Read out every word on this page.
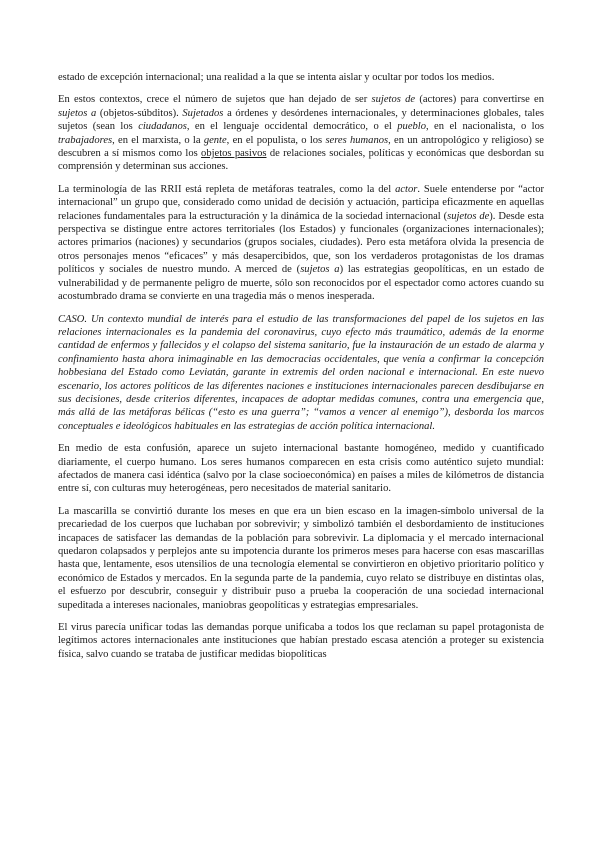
estado de excepción internacional; una realidad a la que se intenta aislar y ocultar por todos los medios.

En estos contextos, crece el número de sujetos que han dejado de ser sujetos de (actores) para convertirse en sujetos a (objetos-súbditos). Sujetados a órdenes y desórdenes internacionales, y determinaciones globales, tales sujetos (sean los ciudadanos, en el lenguaje occidental democrático, o el pueblo, en el nacionalista, o los trabajadores, en el marxista, o la gente, en el populista, o los seres humanos, en un antropológico y religioso) se descubren a sí mismos como los objetos pasivos de relaciones sociales, políticas y económicas que desbordan su comprensión y determinan sus acciones.

La terminología de las RRII está repleta de metáforas teatrales, como la del actor. Suele entenderse por “actor internacional” un grupo que, considerado como unidad de decisión y actuación, participa eficazmente en aquellas relaciones fundamentales para la estructuración y la dinámica de la sociedad internacional (sujetos de). Desde esta perspectiva se distingue entre actores territoriales (los Estados) y funcionales (organizaciones internacionales); actores primarios (naciones) y secundarios (grupos sociales, ciudades). Pero esta metáfora olvida la presencia de otros personajes menos “eficaces” y más desapercibidos, que, son los verdaderos protagonistas de los dramas políticos y sociales de nuestro mundo. A merced de (sujetos a) las estrategias geopolíticas, en un estado de vulnerabilidad y de permanente peligro de muerte, sólo son reconocidos por el espectador como actores cuando su acostumbrado drama se convierte en una tragedia más o menos inesperada.

CASO. Un contexto mundial de interés para el estudio de las transformaciones del papel de los sujetos en las relaciones internacionales es la pandemia del coronavirus, cuyo efecto más traumático, además de la enorme cantidad de enfermos y fallecidos y el colapso del sistema sanitario, fue la instauración de un estado de alarma y confinamiento hasta ahora inimaginable en las democracias occidentales, que venía a confirmar la concepción hobbesiana del Estado como Leviatán, garante in extremis del orden nacional e internacional. En este nuevo escenario, los actores políticos de las diferentes naciones e instituciones internacionales parecen desdibujarse en sus decisiones, desde criterios diferentes, incapaces de adoptar medidas comunes, contra una emergencia que, más allá de las metáforas bélicas (“esto es una guerra”; “vamos a vencer al enemigo”), desborda los marcos conceptuales e ideológicos habituales en las estrategias de acción política internacional.

En medio de esta confusión, aparece un sujeto internacional bastante homogéneo, medido y cuantificado diariamente, el cuerpo humano. Los seres humanos comparecen en esta crisis como auténtico sujeto mundial: afectados de manera casi idéntica (salvo por la clase socioeconómica) en países a miles de kilómetros de distancia entre sí, con culturas muy heterogéneas, pero necesitados de material sanitario.

La mascarilla se convirtió durante los meses en que era un bien escaso en la imagen-símbolo universal de la precariedad de los cuerpos que luchaban por sobrevivir; y simbolizó también el desbordamiento de instituciones incapaces de satisfacer las demandas de la población para sobrevivir. La diplomacia y el mercado internacional quedaron colapsados y perplejos ante su impotencia durante los primeros meses para hacerse con esas mascarillas hasta que, lentamente, esos utensilios de una tecnología elemental se convirtieron en objetivo prioritario político y económico de Estados y mercados. En la segunda parte de la pandemia, cuyo relato se distribuye en distintas olas, el esfuerzo por descubrir, conseguir y distribuir puso a prueba la cooperación de una sociedad internacional supeditada a intereses nacionales, maniobras geopolíticas y estrategias empresariales.

El virus parecía unificar todas las demandas porque unificaba a todos los que reclaman su papel protagonista de legítimos actores internacionales ante instituciones que habían prestado escasa atención a proteger su existencia física, salvo cuando se trataba de justificar medidas biopolíticas
